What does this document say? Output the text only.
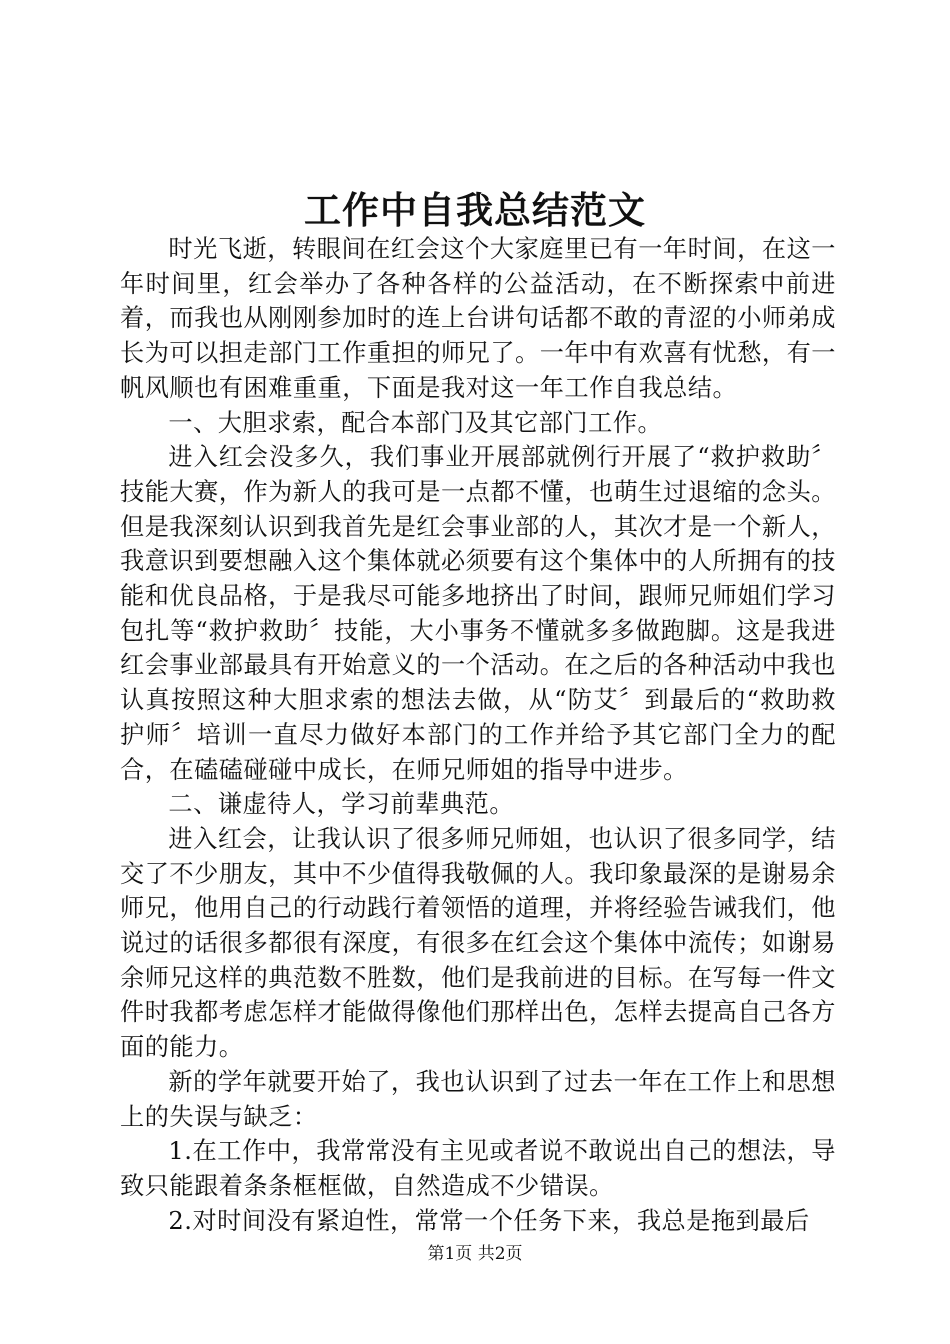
工作中自我总结范文

时光飞逝，转眼间在红会这个大家庭里已有一年时间，在这一年时间里，红会举办了各种各样的公益活动，在不断探索中前进着，而我也从刚刚参加时的连上台讲句话都不敢的青涩的小师弟成长为可以担走部门工作重担的师兄了。一年中有欢喜有忧愁，有一帆风顺也有困难重重，下面是我对这一年工作自我总结。

一、大胆求索，配合本部门及其它部门工作。

进入红会没多久，我们事业开展部就例行开展了“救护救助〞技能大赛，作为新人的我可是一点都不懂，也萌生过退缩的念头。但是我深刻认识到我首先是红会事业部的人，其次才是一个新人，我意识到要想融入这个集体就必须要有这个集体中的人所拥有的技能和优良品格，于是我尽可能多地挤出了时间，跟师兄师姐们学习包扎等“救护救助〞技能，大小事务不懂就多多做跑脚。这是我进红会事业部最具有开始意义的一个活动。在之后的各种活动中我也认真按照这种大胆求索的想法去做，从“防艾〞到最后的“救助救护师〞培训一直尽力做好本部门的工作并给予其它部门全力的配合，在磕磕碰碰中成长，在师兄师姐的指导中进步。

二、谦虚待人，学习前辈典范。

进入红会，让我认识了很多师兄师姐，也认识了很多同学，结交了不少朋友，其中不少值得我敬佩的人。我印象最深的是谢易余师兄，他用自己的行动践行着领悟的道理，并将经验告诫我们，他说过的话很多都很有深度，有很多在红会这个集体中流传；如谢易余师兄这样的典范数不胜数，他们是我前进的目标。在写每一件文件时我都考虑怎样才能做得像他们那样出色，怎样去提高自己各方面的能力。

新的学年就要开始了，我也认识到了过去一年在工作上和思想上的失误与缺乏：

1.在工作中，我常常没有主见或者说不敢说出自己的想法，导致只能跟着条条框框做，自然造成不少错误。

2.对时间没有紧迫性，常常一个任务下来，我总是拖到最后

第1页 共2页
